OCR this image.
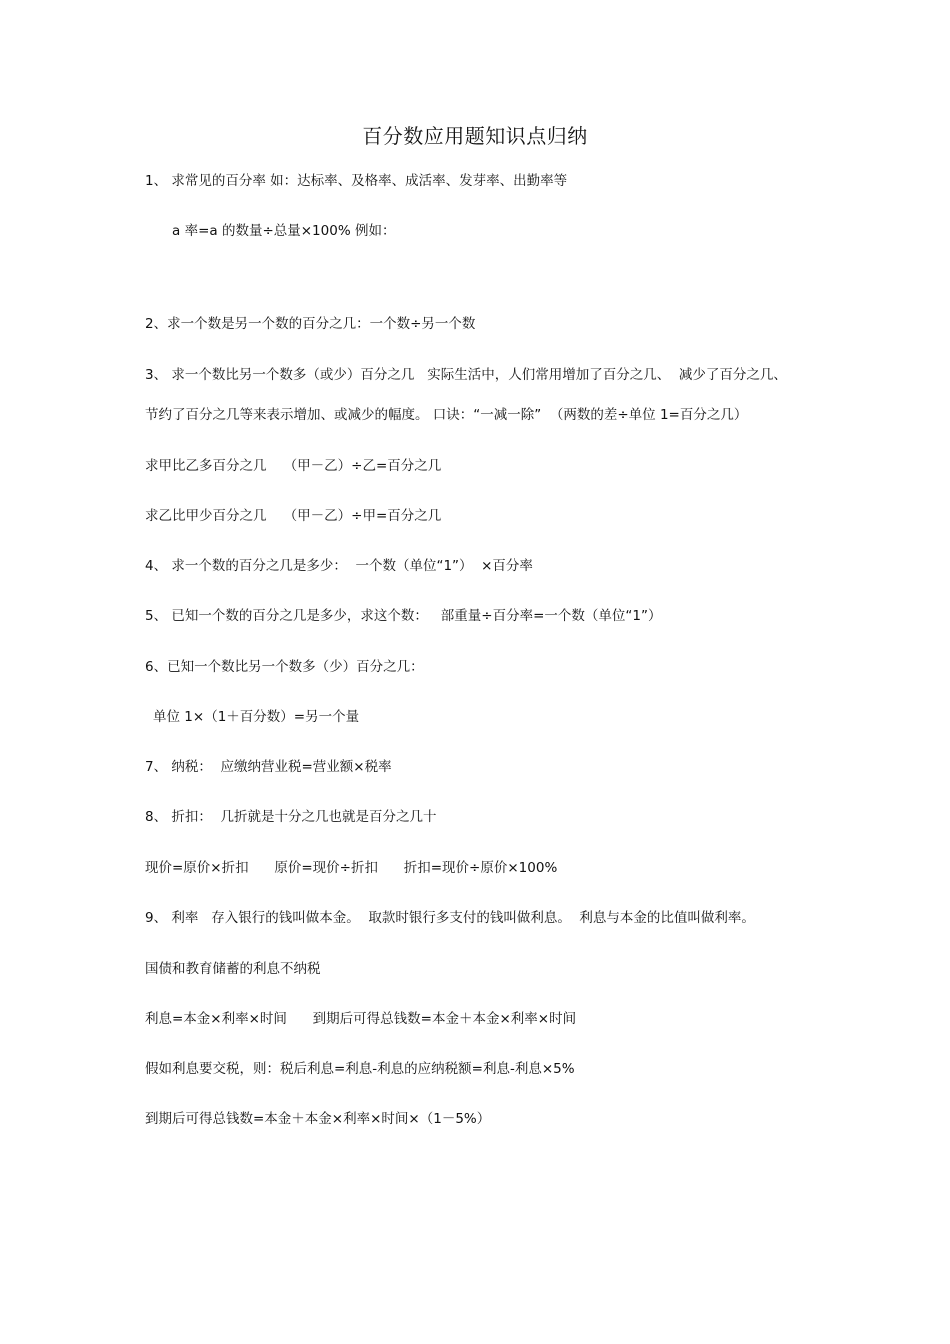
百分数应用题知识点归纳
1、 求常见的百分率 如：达标率、及格率、成活率、发芽率、出勤率等
a 率=a 的数量÷总量×100% 例如：
2、求一个数是另一个数的百分之几：一个数÷另一个数
3、 求一个数比另一个数多（或少）百分之几   实际生活中，人们常用增加了百分之几、  减少了百分之几、
节约了百分之几等来表示增加、或减少的幅度。 口诀：“一减一除”  （两数的差÷单位 1=百分之几）
求甲比乙多百分之几    （甲－乙）÷乙=百分之几
求乙比甲少百分之几    （甲－乙）÷甲=百分之几
4、 求一个数的百分之几是多少：  一个数（单位“1”）  ×百分率
5、 已知一个数的百分之几是多少，求这个数：   部重量÷百分率=一个数（单位“1”）
6、已知一个数比另一个数多（少）百分之几：
单位 1×（1＋百分数）=另一个量
7、 纳税：  应缴纳营业税=营业额×税率
8、 折扣：  几折就是十分之几也就是百分之几十
现价=原价×折扣      原价=现价÷折扣      折扣=现价÷原价×100%
9、 利率   存入银行的钱叫做本金。  取款时银行多支付的钱叫做利息。  利息与本金的比值叫做利率。
国债和教育储蓄的利息不纳税
利息=本金×利率×时间      到期后可得总钱数=本金＋本金×利率×时间
假如利息要交税，则：税后利息=利息-利息的应纳税额=利息-利息×5%
到期后可得总钱数=本金＋本金×利率×时间×（1－5%）
